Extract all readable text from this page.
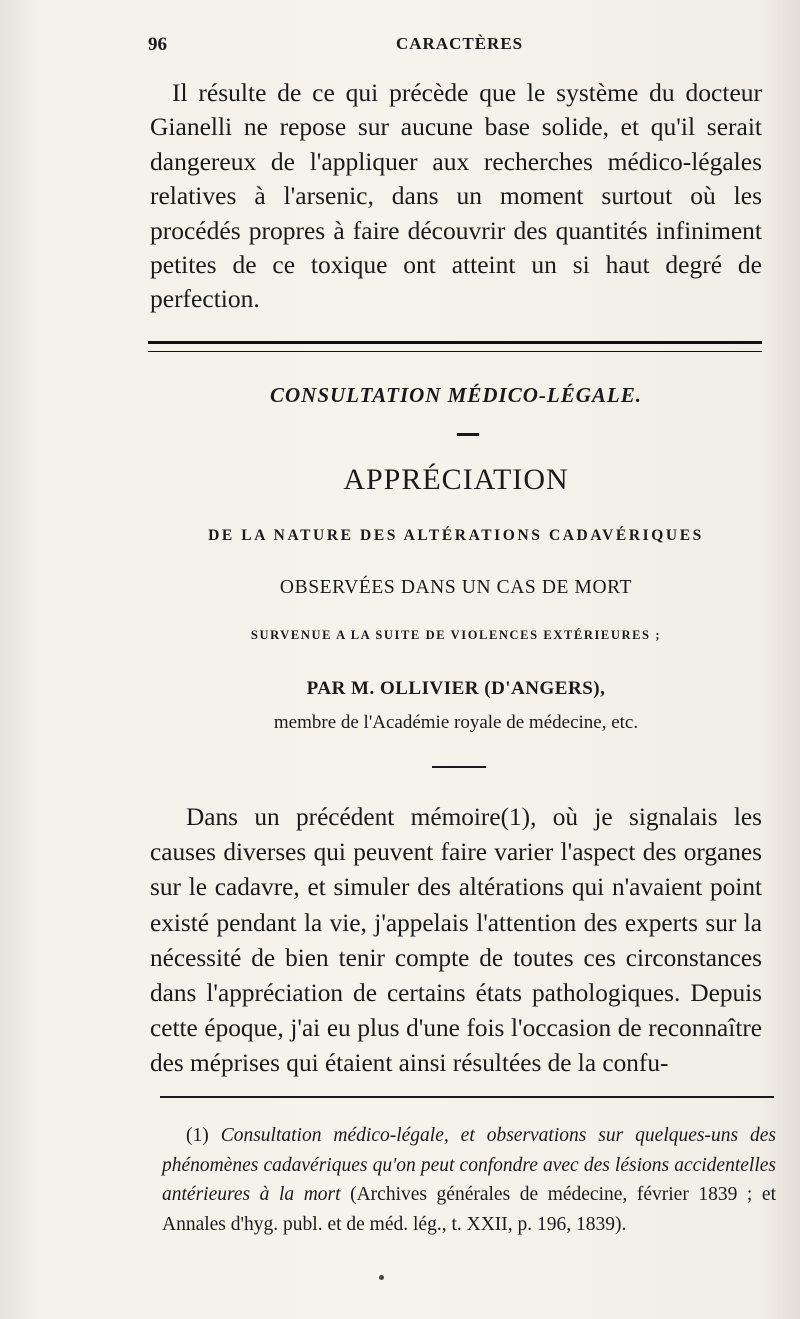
96	CARACTÈRES
Il résulte de ce qui précède que le système du docteur Gianelli ne repose sur aucune base solide, et qu'il serait dangereux de l'appliquer aux recherches médico-légales relatives à l'arsenic, dans un moment surtout où les procédés propres à faire découvrir des quantités infiniment petites de ce toxique ont atteint un si haut degré de perfection.
CONSULTATION MÉDICO-LÉGALE.
APPRÉCIATION
DE LA NATURE DES ALTÉRATIONS CADAVÉRIQUES
OBSERVÉES DANS UN CAS DE MORT
SURVENUE A LA SUITE DE VIOLENCES EXTÉRIEURES ;
PAR M. OLLIVIER (D'ANGERS),
membre de l'Académie royale de médecine, etc.
Dans un précédent mémoire(1), où je signalais les causes diverses qui peuvent faire varier l'aspect des organes sur le cadavre, et simuler des altérations qui n'avaient point existé pendant la vie, j'appelais l'attention des experts sur la nécessité de bien tenir compte de toutes ces circonstances dans l'appréciation de certains états pathologiques. Depuis cette époque, j'ai eu plus d'une fois l'occasion de reconnaître des méprises qui étaient ainsi résultées de la confu-
(1) Consultation médico-légale, et observations sur quelques-uns des phénomènes cadavériques qu'on peut confondre avec des lésions accidentelles antérieures à la mort (Archives générales de médecine, février 1839 ; et Annales d'hyg. publ. et de méd. lég., t. XXII, p. 196, 1839).
